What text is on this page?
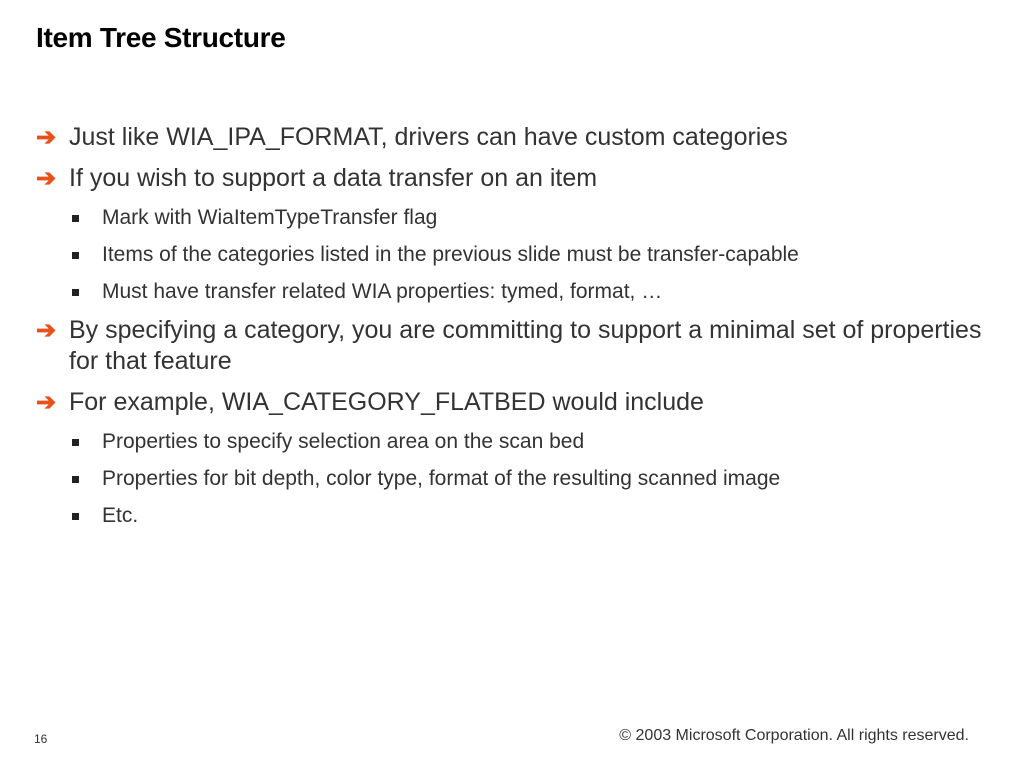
Item Tree Structure
➔ Just like WIA_IPA_FORMAT, drivers can have custom categories
➔ If you wish to support a data transfer on an item
Mark with WiaItemTypeTransfer flag
Items of the categories listed in the previous slide must be transfer-capable
Must have transfer related WIA properties: tymed, format, …
➔ By specifying a category, you are committing to support a minimal set of properties for that feature
➔ For example, WIA_CATEGORY_FLATBED would include
Properties to specify selection area on the scan bed
Properties for bit depth, color type, format of the resulting scanned image
Etc.
16	© 2003 Microsoft Corporation. All rights reserved.
